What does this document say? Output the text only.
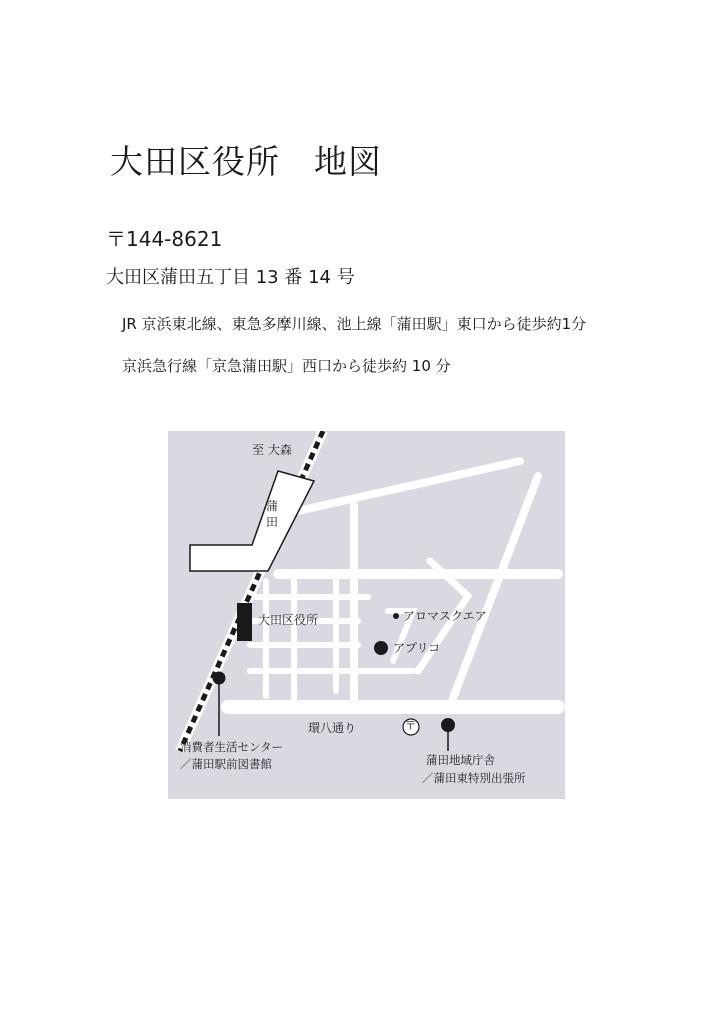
大田区役所　地図
〒144-8621
大田区蒲田五丁目 13 番 14 号
JR 京浜東北線、東急多摩川線、池上線「蒲田駅」東口から徒歩約1分
京浜急行線「京急蒲田駅」西口から徒歩約 10 分
至 大森
蒲田
大田区役所	アロマスクエア
アプリコ
環八通り	〒
消費者生活センター
／蒲田駅前図書館	蒲田地域庁舎
／蒲田東特別出張所
